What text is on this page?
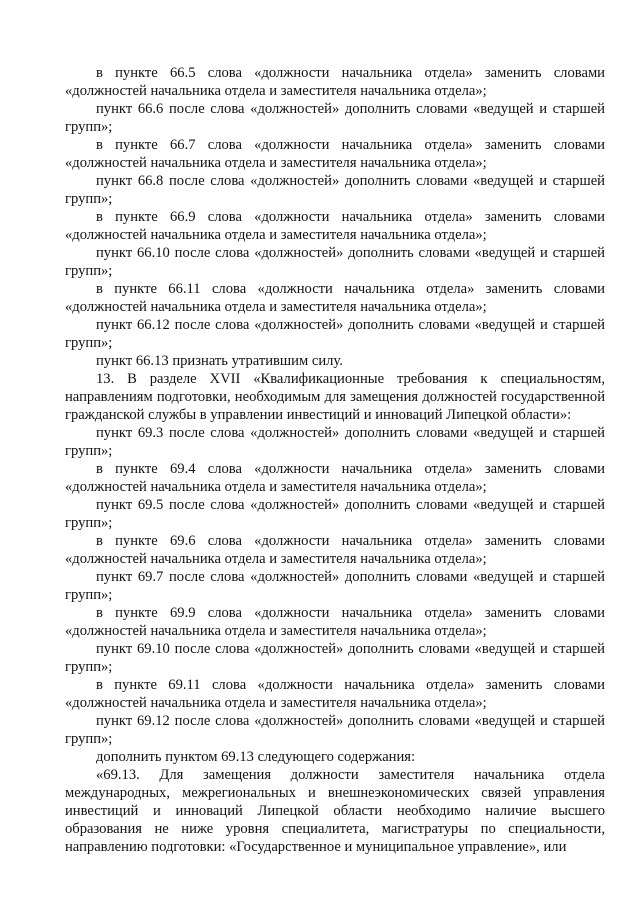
в пункте 66.5 слова «должности начальника отдела» заменить словами «должностей начальника отдела и заместителя начальника отдела»;

пункт 66.6 после слова «должностей» дополнить словами «ведущей и старшей групп»;

в пункте 66.7 слова «должности начальника отдела» заменить словами «должностей начальника отдела и заместителя начальника отдела»;

пункт 66.8 после слова «должностей» дополнить словами «ведущей и старшей групп»;

в пункте 66.9 слова «должности начальника отдела» заменить словами «должностей начальника отдела и заместителя начальника отдела»;

пункт 66.10 после слова «должностей» дополнить словами «ведущей и старшей групп»;

в пункте 66.11 слова «должности начальника отдела» заменить словами «должностей начальника отдела и заместителя начальника отдела»;

пункт 66.12 после слова «должностей» дополнить словами «ведущей и старшей групп»;

пункт 66.13 признать утратившим силу.

13. В разделе XVII «Квалификационные требования к специальностям, направлениям подготовки, необходимым для замещения должностей государственной гражданской службы в управлении инвестиций и инноваций Липецкой области»:

пункт 69.3 после слова «должностей» дополнить словами «ведущей и старшей групп»;

в пункте 69.4 слова «должности начальника отдела» заменить словами «должностей начальника отдела и заместителя начальника отдела»;

пункт 69.5 после слова «должностей» дополнить словами «ведущей и старшей групп»;

в пункте 69.6 слова «должности начальника отдела» заменить словами «должностей начальника отдела и заместителя начальника отдела»;

пункт 69.7 после слова «должностей» дополнить словами «ведущей и старшей групп»;

в пункте 69.9 слова «должности начальника отдела» заменить словами «должностей начальника отдела и заместителя начальника отдела»;

пункт 69.10 после слова «должностей» дополнить словами «ведущей и старшей групп»;

в пункте 69.11 слова «должности начальника отдела» заменить словами «должностей начальника отдела и заместителя начальника отдела»;

пункт 69.12 после слова «должностей» дополнить словами «ведущей и старшей групп»;

дополнить пунктом 69.13 следующего содержания:

«69.13. Для замещения должности заместителя начальника отдела международных, межрегиональных и внешнеэкономических связей управления инвестиций и инноваций Липецкой области необходимо наличие высшего образования не ниже уровня специалитета, магистратуры по специальности, направлению подготовки: «Государственное и муниципальное управление», или
